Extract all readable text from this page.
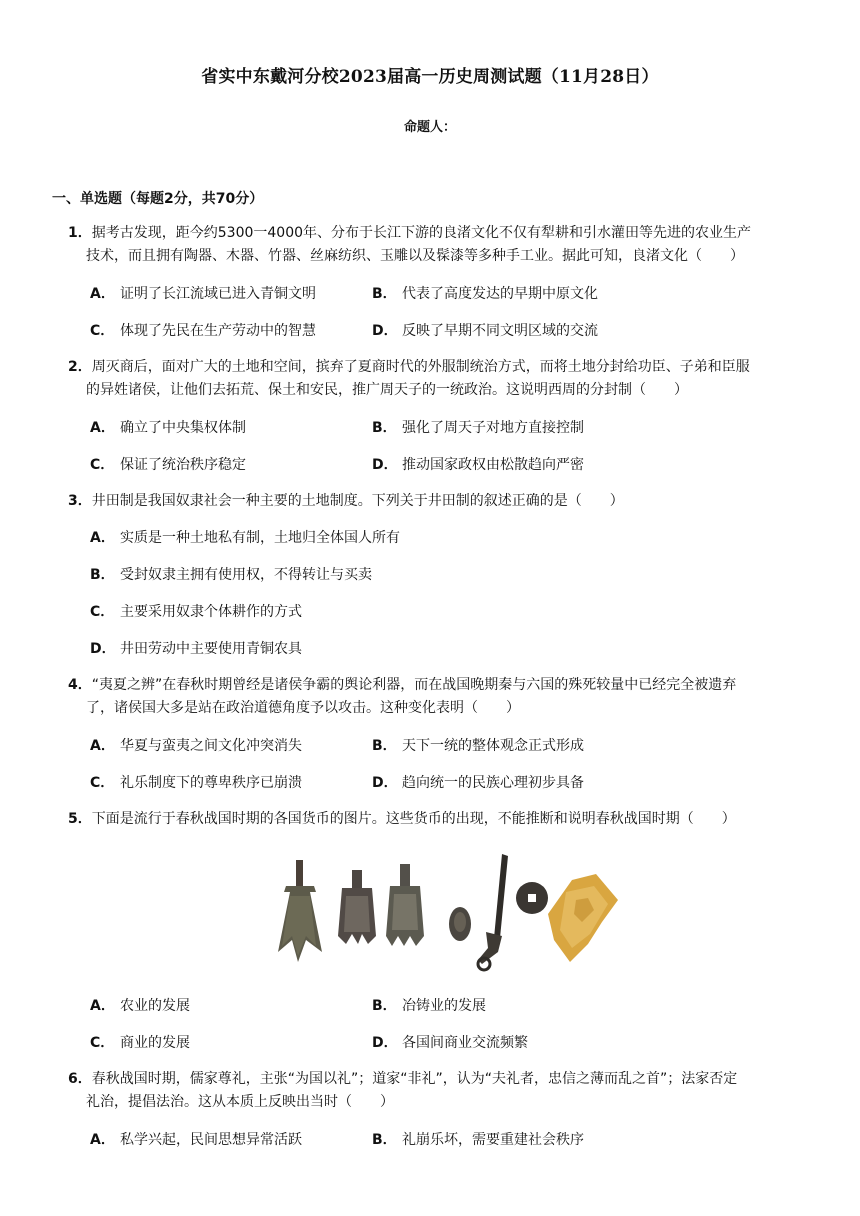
省实中东戴河分校2023届高一历史周测试题（11月28日）
命题人：
一、单选题（每题2分，共70分）
1．据考古发现，距今约5300一4000年、分布于长江下游的良渚文化不仅有犁耕和引水灌田等先进的农业生产
技术，而且拥有陶器、木器、竹器、丝麻纺织、玉雕以及髹漆等多种手工业。据此可知，良渚文化（　　）
A． 证明了长江流域已进入青铜文明	B． 代表了高度发达的早期中原文化
C． 体现了先民在生产劳动中的智慧	D． 反映了早期不同文明区域的交流
2．周灭商后，面对广大的土地和空间，摈弃了夏商时代的外服制统治方式，而将土地分封给功臣、子弟和臣服
的异姓诸侯，让他们去拓荒、保土和安民，推广周天子的一统政治。这说明西周的分封制（　　）
A． 确立了中央集权体制	B． 强化了周天子对地方直接控制
C． 保证了统治秩序稳定	D． 推动国家政权由松散趋向严密
3．井田制是我国奴隶社会一种主要的土地制度。下列关于井田制的叙述正确的是（　　）
A． 实质是一种土地私有制，土地归全体国人所有
B． 受封奴隶主拥有使用权，不得转让与买卖
C． 主要采用奴隶个体耕作的方式
D． 井田劳动中主要使用青铜农具
4．“夷夏之辨”在春秋时期曾经是诸侯争霸的舆论利器，而在战国晚期秦与六国的殊死较量中已经完全被遗弃
了，诸侯国大多是站在政治道德角度予以攻击。这种变化表明（　　）
A． 华夏与蛮夷之间文化冲突消失	B． 天下一统的整体观念正式形成
C． 礼乐制度下的尊卑秩序已崩溃	D． 趋向统一的民族心理初步具备
5．下面是流行于春秋战国时期的各国货币的图片。这些货币的出现，不能推断和说明春秋战国时期（　　）
A． 农业的发展	B． 冶铸业的发展
C． 商业的发展	D． 各国间商业交流频繁
6．春秋战国时期，儒家尊礼，主张“为国以礼”；道家“非礼”，认为“夫礼者，忠信之薄而乱之首”；法家否定
礼治，提倡法治。这从本质上反映出当时（　　）
A． 私学兴起，民间思想异常活跃	B． 礼崩乐坏，需要重建社会秩序
